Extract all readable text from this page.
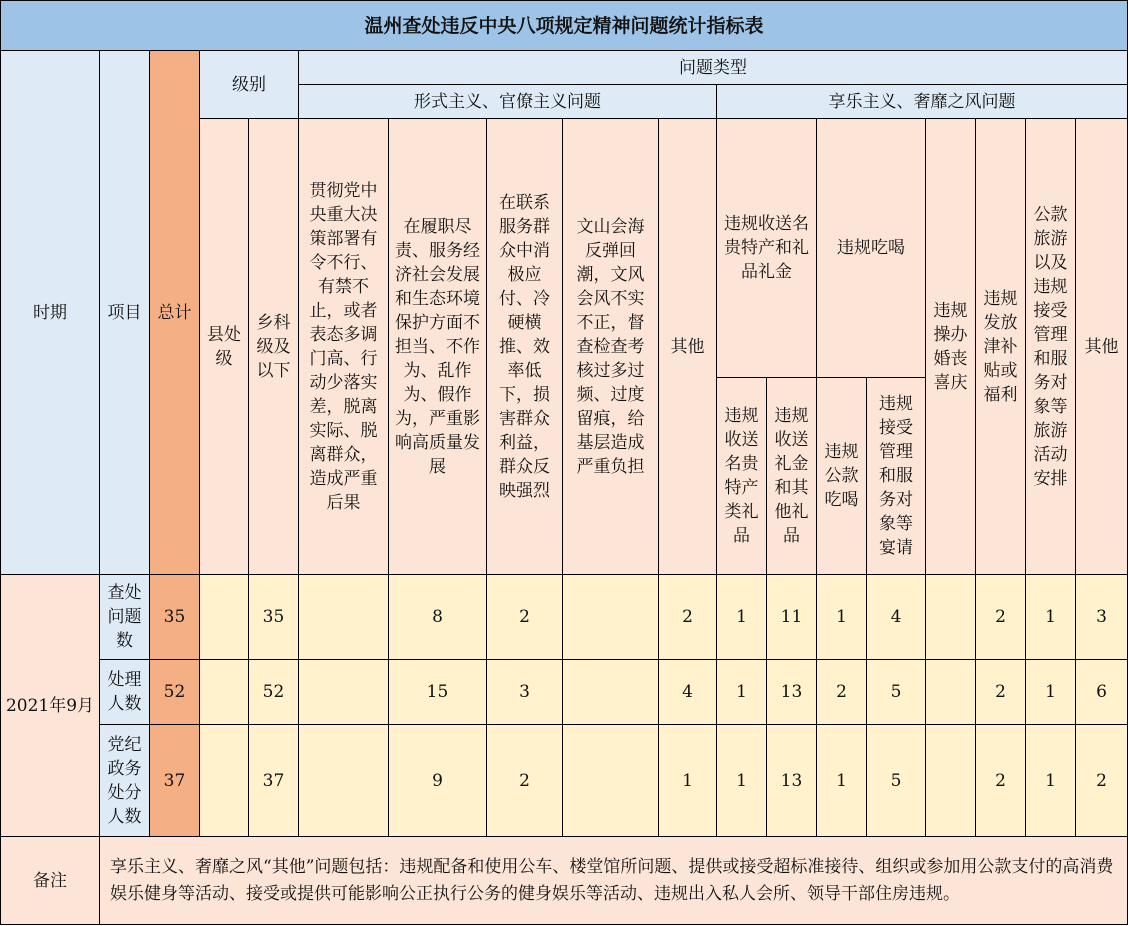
温州查处违反中央八项规定精神问题统计指标表																	
时期	项目	总计	级别		问题类型												
					形式主义、官僚主义问题					享乐主义、奢靡之风问题							
			县处级	乡科级及以下	贯彻党中央重大决策部署有令不行、有禁不止，或者表态多调门高、行动少落实差，脱离实际、脱离群众，造成严重后果	在履职尽责、服务经济社会发展和生态环境保护方面不担当、不作为、乱作为、假作为，严重影响高质量发展	在联系服务群众中消极应付、冷硬横推、效率低下，损害群众利益，群众反映强烈	文山会海反弹回潮，文风会风不实不正，督查检查考核过多过频、过度留痕，给基层造成严重负担	其他	违规收送名贵特产和礼品礼金		违规吃喝		违规操办婚丧喜庆	违规发放津补贴或福利	公款旅游以及违规接受管理和服务对象等旅游活动安排	其他

										违规收送名贵特产类礼品	违规收送礼金和其他礼品	违规公款吃喝	违规接受管理和服务对象等宴请				
2021年9月	查处问题数	35		35		8	2		2	1	11	1	4		2	1	3
	处理人数	52		52		15	3		4	1	13	2	5		2	1	6
	党纪政务处分人数	37		37		9	2		1	1	13	1	5		2	1	2
备注	享乐主义、奢靡之风“其他”问题包括：违规配备和使用公车、楼堂馆所问题、提供或接受超标准接待、组织或参加用公款支付的高消费娱乐健身等活动、接受或提供可能影响公正执行公务的健身娱乐等活动、违规出入私人会所、领导干部住房违规。																
